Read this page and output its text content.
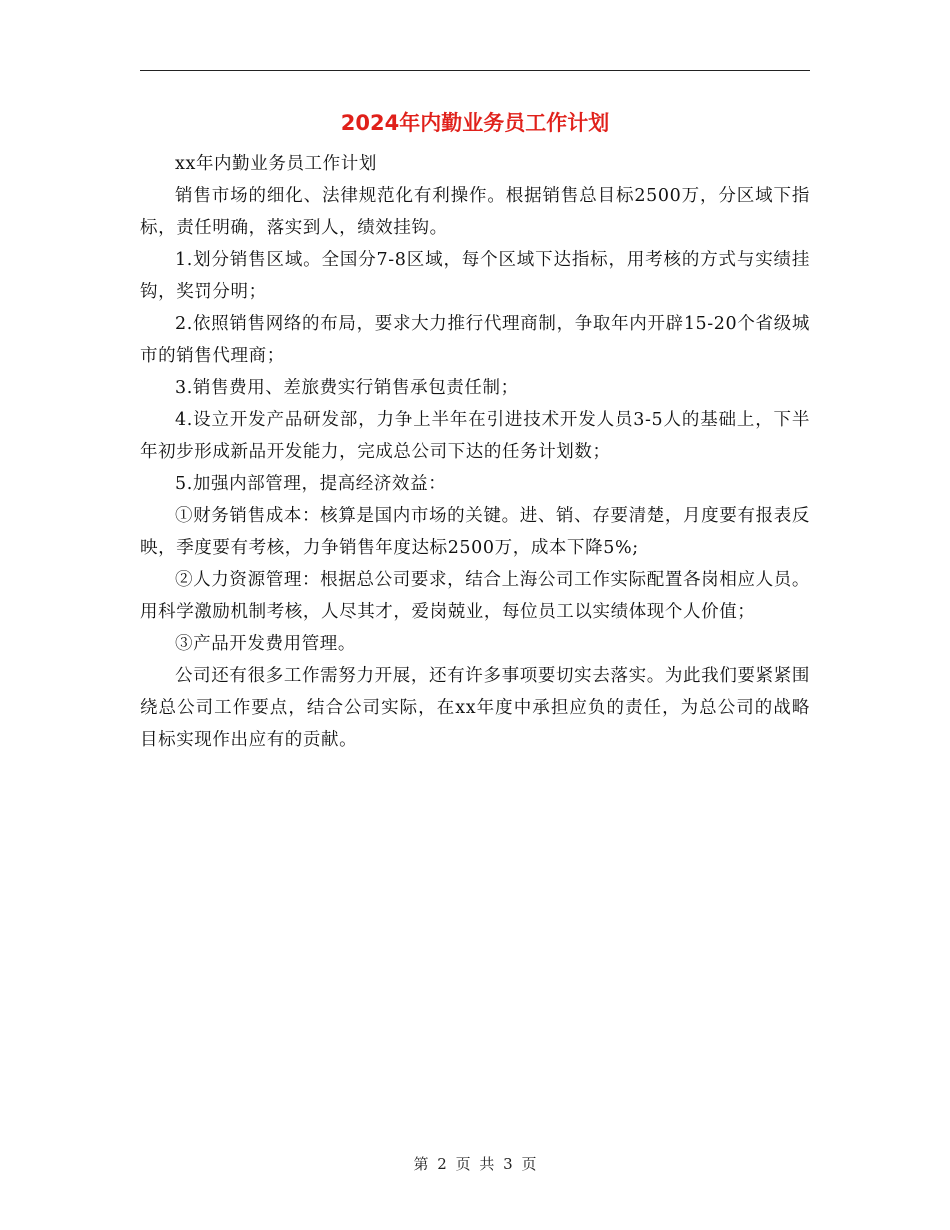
2024年内勤业务员工作计划

xx年内勤业务员工作计划

销售市场的细化、法律规范化有利操作。根据销售总目标2500万，分区域下指标，责任明确，落实到人，绩效挂钩。

1.划分销售区域。全国分7-8区域，每个区域下达指标，用考核的方式与实绩挂钩，奖罚分明；

2.依照销售网络的布局，要求大力推行代理商制，争取年内开辟15-20个省级城市的销售代理商；

3.销售费用、差旅费实行销售承包责任制；

4.设立开发产品研发部，力争上半年在引进技术开发人员3-5人的基础上，下半年初步形成新品开发能力，完成总公司下达的任务计划数；

5.加强内部管理，提高经济效益：

①财务销售成本：核算是国内市场的关键。进、销、存要清楚，月度要有报表反映，季度要有考核，力争销售年度达标2500万，成本下降5%;

②人力资源管理：根据总公司要求，结合上海公司工作实际配置各岗相应人员。用科学激励机制考核，人尽其才，爱岗兢业，每位员工以实绩体现个人价值；

③产品开发费用管理。

公司还有很多工作需努力开展，还有许多事项要切实去落实。为此我们要紧紧围绕总公司工作要点，结合公司实际，在xx年度中承担应负的责任，为总公司的战略目标实现作出应有的贡献。

第 2 页 共 3 页
